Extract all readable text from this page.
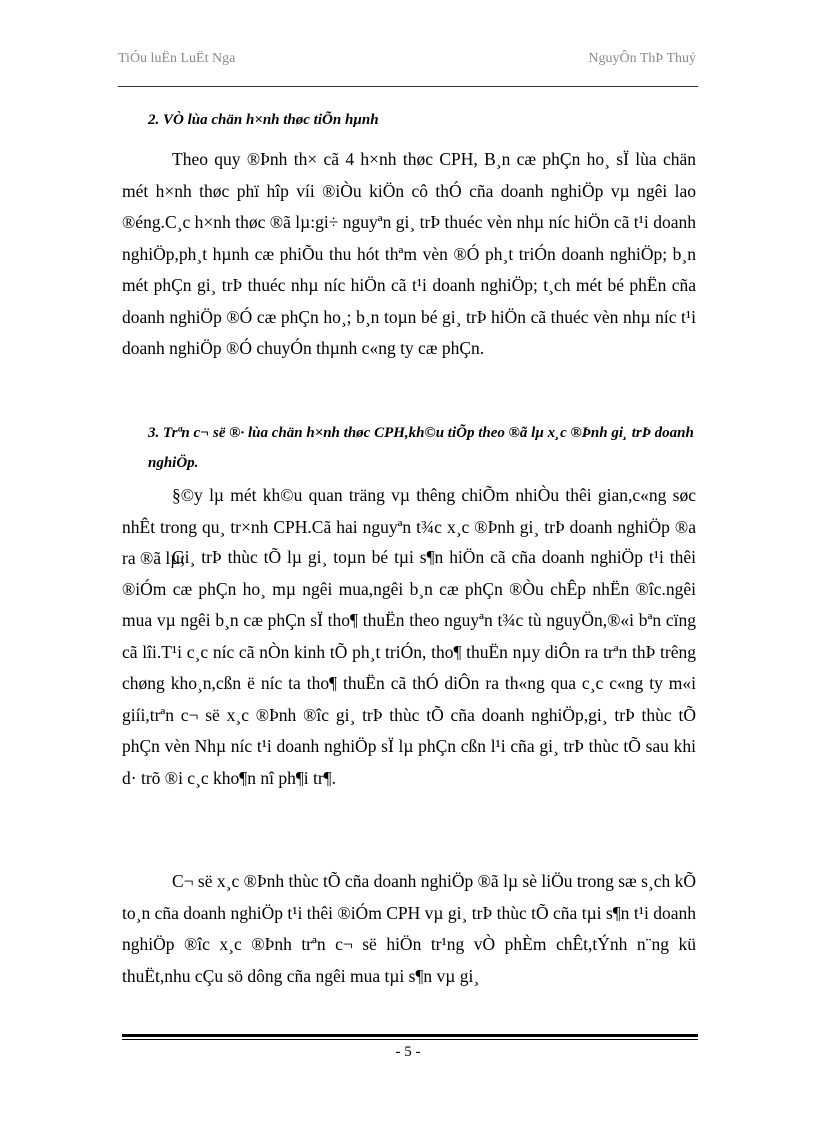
TiÓu luËn LuËt Nga	NguyÔn ThÞ Thuý
2. VÒ lùa chän h×nh thøc tiÕn hµnh
Theo quy ®Þnh th× cã 4 h×nh thøc CPH, B¸n cæ phÇn ho¸ sÏ lùa chän mét h×nh thøc phï hîp víi ®iÒu kiÖn cô thÓ cña doanh nghiÖp vµ ngêi lao ®éng.C¸c h×nh thøc ®ã lµ:gi÷ nguyªn gi¸ trÞ thuéc vèn nhµ níc hiÖn cã t¹i doanh nghiÖp,ph¸t hµnh cæ phiÕu thu hót thªm vèn ®Ó ph¸t triÓn doanh nghiÖp; b¸n mét phÇn gi¸ trÞ thuéc nhµ níc hiÖn cã t¹i doanh nghiÖp; t¸ch mét bé phËn cña doanh nghiÖp ®Ó cæ phÇn ho¸; b¸n toµn bé gi¸ trÞ hiÖn cã thuéc vèn nhµ níc t¹i doanh nghiÖp ®Ó chuyÓn thµnh c«ng ty cæ phÇn.
3. Trªn c¬ së ®· lùa chän h×nh thøc CPH,kh©u tiÕp theo ®ã lµ x¸c ®Þnh gi¸ trÞ doanh nghiÖp.
§©y lµ mét kh©u quan träng vµ thêng chiÕm nhiÒu thêi gian,c«ng søc nhÊt trong qu¸ tr×nh CPH.Cã hai nguyªn t¾c x¸c ®Þnh gi¸ trÞ doanh nghiÖp ®a ra ®ã lµ;
Gi¸ trÞ thùc tÕ lµ gi¸ toµn bé tµi s¶n hiÖn cã cña doanh nghiÖp t¹i thêi ®iÓm cæ phÇn ho¸ mµ ngêi mua,ngêi b¸n cæ phÇn ®Òu chÊp nhËn ®îc.ngêi mua vµ ngêi b¸n cæ phÇn sÏ tho¶ thuËn theo nguyªn t¾c tù nguyÖn,®«i bªn cïng cã lîi.T¹i c¸c níc cã nÒn kinh tÕ ph¸t triÓn, tho¶ thuËn nµy diÔn ra trªn thÞ trêng chøng kho¸n,cßn ë níc ta tho¶ thuËn cã thÓ diÔn ra th«ng qua c¸c c«ng ty m«i giíi,trªn c¬ së x¸c ®Þnh ®îc gi¸ trÞ thùc tÕ cña doanh nghiÖp,gi¸ trÞ thùc tÕ phÇn vèn Nhµ níc t¹i doanh nghiÖp sÏ lµ phÇn cßn l¹i cña gi¸ trÞ thùc tÕ sau khi d· trõ ®i c¸c kho¶n nî ph¶i tr¶.
C¬ së x¸c ®Þnh thùc tÕ cña doanh nghiÖp ®ã lµ sè liÖu trong sæ s¸ch kÕ to¸n cña doanh nghiÖp t¹i thêi ®iÓm CPH vµ gi¸ trÞ thùc tÕ cña tµi s¶n t¹i doanh nghiÖp ®îc x¸c ®Þnh trªn c¬ së hiÖn tr¹ng vÒ phÈm chÊt,tÝnh n¨ng kü thuËt,nhu cÇu sö dông cña ngêi mua tµi s¶n vµ gi¸
- 5 -
